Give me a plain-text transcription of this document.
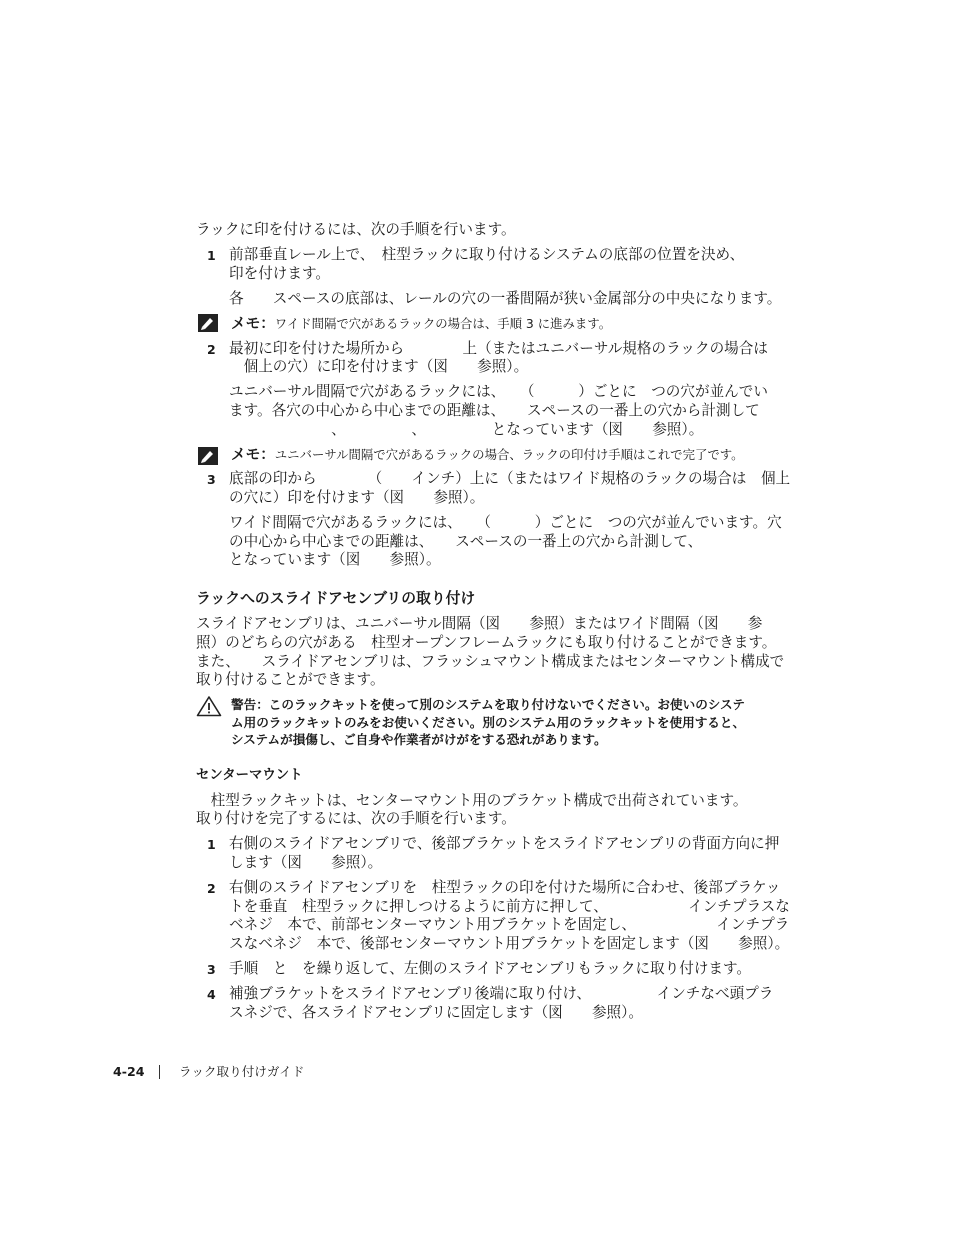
ラックに印を付けるには、次の手順を行います。
1 前部垂直レール上で、　柱型ラックに取り付けるシステムの底部の位置を決め、
印を付けます。
各　　スペースの底部は、レールの穴の一番間隔が狭い金属部分の中央になります。
メモ：ワイド間隔で穴があるラックの場合は、手順 3 に進みます。
2 最初に印を付けた場所から　　　　上（またはユニバーサル規格のラックの場合は
　個上の穴）に印を付けます（図　　参照）。
ユニバーサル間隔で穴があるラックには、　　（　　　）ごとに　つの穴が並んでい
ます。各穴の中心から中心までの距離は、　　スペースの一番上の穴から計測して
　　　　　　　、　　　　　、　　　　　となっています（図　　参照）。
メモ：ユニバーサル間隔で穴があるラックの場合、ラックの印付け手順はこれで完了です。
3 底部の印から　　　　（　　インチ）上に（またはワイド規格のラックの場合は　個上
の穴に）印を付けます（図　　参照）。
ワイド間隔で穴があるラックには、　　（　　　）ごとに　つの穴が並んでいます。穴
の中心から中心までの距離は、　　スペースの一番上の穴から計測して、
となっています（図　　参照）。
ラックへのスライドアセンブリの取り付け
スライドアセンブリは、ユニバーサル間隔（図　　参照）またはワイド間隔（図　　参
照）のどちらの穴がある　柱型オープンフレームラックにも取り付けることができます。
また、　　スライドアセンブリは、フラッシュマウント構成またはセンターマウント構成で
取り付けることができます。
警告：このラックキットを使って別のシステムを取り付けないでください。お使いのシステ
ム用のラックキットのみをお使いください。別のシステム用のラックキットを使用すると、
システムが損傷し、ご自身や作業者がけがをする恐れがあります。
センターマウント
　柱型ラックキットは、センターマウント用のブラケット構成で出荷されています。
取り付けを完了するには、次の手順を行います。
1 右側のスライドアセンブリで、後部ブラケットをスライドアセンブリの背面方向に押
します（図　　参照）。
2 右側のスライドアセンブリを　柱型ラックの印を付けた場所に合わせ、後部ブラケッ
トを垂直　柱型ラックに押しつけるように前方に押して、　　　　　　インチプラスな
ベネジ　本で、前部センターマウント用ブラケットを固定し、　　　　　　インチプラ
スなベネジ　本で、後部センターマウント用ブラケットを固定します（図　　参照）。
3 手順　と　を繰り返して、左側のスライドアセンブリもラックに取り付けます。
4 補強ブラケットをスライドアセンブリ後端に取り付け、　　　　　インチなべ頭プラ
スネジで、各スライドアセンブリに固定します（図　　参照）。
4-24	ラック取り付けガイド
